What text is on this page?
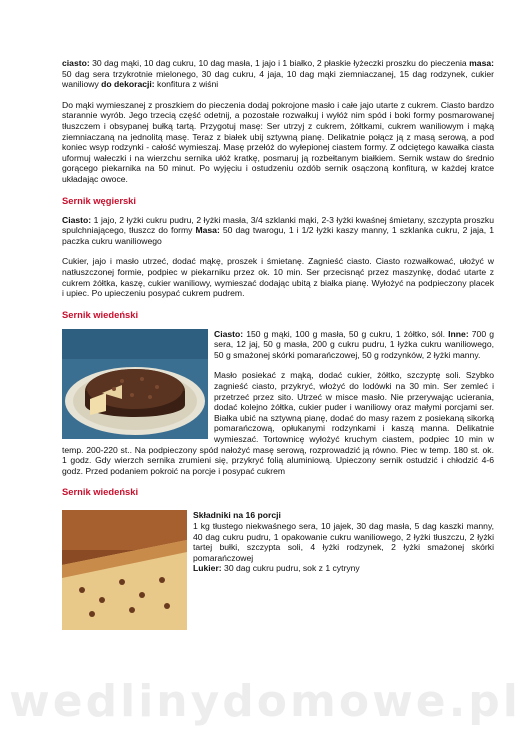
ciasto: 30 dag mąki, 10 dag cukru, 10 dag masła, 1 jajo i 1 białko, 2 płaskie łyżeczki proszku do pieczenia masa: 50 dag sera trzykrotnie mielonego, 30 dag cukru, 4 jaja, 10 dag mąki ziemniaczanej, 15 dag rodzynek, cukier waniliowy do dekoracji: konfitura z wiśni

Do mąki wymieszanej z proszkiem do pieczenia dodaj pokrojone masło i całe jajo utarte z cukrem. Ciasto bardzo starannie wyrób. Jego trzecią część odetnij, a pozostałe rozwałkuj i wyłóż nim spód i boki formy posmarowanej tłuszczem i obsypanej bułką tartą. Przygotuj masę: Ser utrzyj z cukrem, żółtkami, cukrem waniliowym i mąką ziemniaczaną na jednolitą masę. Teraz z białek ubij sztywną pianę. Delikatnie połącz ją z masą serową, a pod koniec wsyp rodzynki - całość wymieszaj. Masę przełóż do wyłepionej ciastem formy. Z odciętego kawałka ciasta uformuj wałeczki i na wierzchu sernika ułóż kratkę, posmaruj ją rozbełtanym białkiem. Sernik wstaw do średnio gorącego piekarnika na 50 minut. Po wyjęciu i ostudzeniu ozdób sernik osączoną konfiturą, w każdej kratce układając owoce.

Sernik węgierski

Ciasto: 1 jajo, 2 łyżki cukru pudru, 2 łyżki masła, 3/4 szklanki mąki, 2-3 łyżki kwaśnej śmietany, szczypta proszku spulchniającego, tłuszcz do formy Masa: 50 dag twarogu, 1 i 1/2 łyżki kaszy manny, 1 szklanka cukru, 2 jaja, 1 paczka cukru waniliowego

Cukier, jajo i masło utrzeć, dodać mąkę, proszek i śmietanę. Zagnieść ciasto. Ciasto rozwałkować, ułożyć w natłuszczonej formie, podpiec w piekarniku przez ok. 10 min. Ser przecisnąć przez maszynkę, dodać utarte z cukrem żółtka, kaszę, cukier waniliowy, wymieszać dodając ubitą z białka pianę. Wyłożyć na podpieczony placek i upiec. Po upieczeniu posypać cukrem pudrem.

Sernik wiedeński

Ciasto: 150 g mąki, 100 g masła, 50 g cukru, 1 żółtko, sól. Inne: 700 g sera, 12 jaj, 50 g masła, 200 g cukru pudru, 1 łyżka cukru waniliowego, 50 g smażonej skórki pomarańczowej, 50 g rodzynków, 2 łyżki manny.

Masło posiekać z mąką, dodać cukier, żółtko, szczyptę soli. Szybko zagnieść ciasto, przykryć, włożyć do lodówki na 30 min. Ser zemleć i przetrzeć przez sito. Utrzeć w misce masło. Nie przerywając ucierania, dodać kolejno żółtka, cukier puder i waniliowy oraz małymi porcjami ser. Białka ubić na sztywną pianę, dodać do masy razem z posiekaną sikorką pomarańczową, opłukanymi rodzynkami i kaszą manna. Delikatnie wymieszać. Tortownicę wyłożyć kruchym ciastem, podpiec 10 min w temp. 200-220 st.. Na podpieczony spód nałożyć masę serową, rozprowadzić ją równo. Piec w temp. 180 st. ok. 1 godz. Gdy wierzch sernika zrumieni się, przykryć folią aluminiową. Upieczony sernik ostudzić i chłodzić 4-6 godz. Przed podaniem pokroić na porcje i posypać cukrem

Sernik wiedeński

Składniki na 16 porcji

1 kg tłustego niekwaśnego sera, 10 jajek, 30 dag masła, 5 dag kaszki manny, 40 dag cukru pudru, 1 opakowanie cukru waniliowego, 2 łyżki tłuszczu, 2 łyżki tartej bułki, szczypta soli, 4 łyżki rodzynek, 2 łyżki smażonej skórki pomarańczowej

Lukier: 30 dag cukru pudru, sok z 1 cytryny

wedlinydomowe.pl
